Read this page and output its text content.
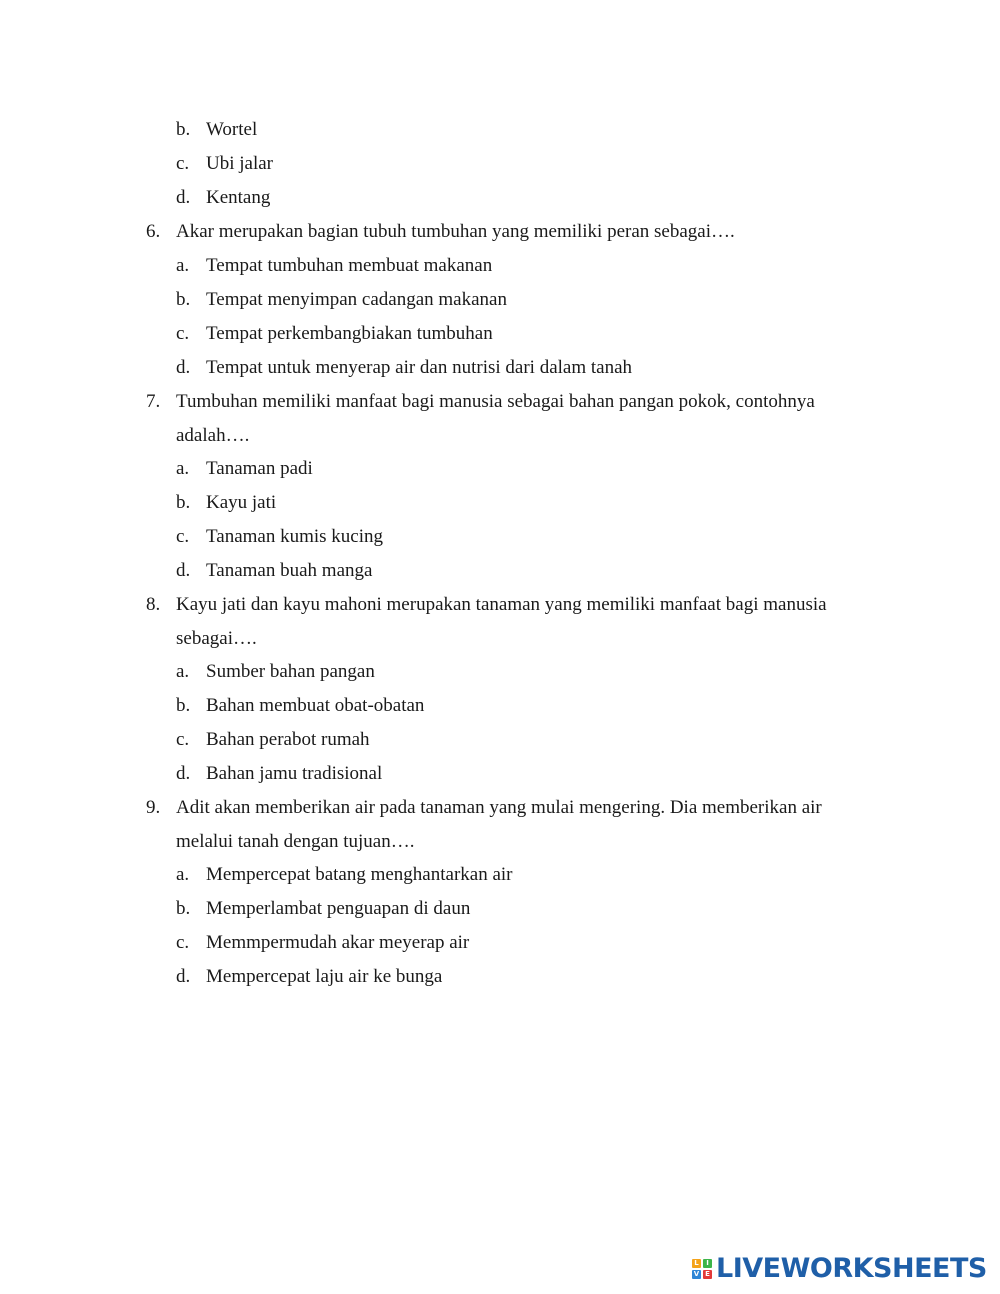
b. Wortel
c. Ubi jalar
d. Kentang
6. Akar merupakan bagian tubuh tumbuhan yang memiliki peran sebagai….
a. Tempat tumbuhan membuat makanan
b. Tempat menyimpan cadangan makanan
c. Tempat perkembangbiakan tumbuhan
d. Tempat untuk menyerap air dan nutrisi dari dalam tanah
7. Tumbuhan memiliki manfaat bagi manusia sebagai bahan pangan pokok, contohnya
adalah….
a. Tanaman padi
b. Kayu jati
c. Tanaman kumis kucing
d. Tanaman buah manga
8. Kayu jati dan kayu mahoni merupakan tanaman yang memiliki manfaat bagi manusia
sebagai….
a. Sumber bahan pangan
b. Bahan membuat obat-obatan
c. Bahan perabot rumah
d. Bahan jamu tradisional
9. Adit akan memberikan air pada tanaman yang mulai mengering. Dia memberikan air
melalui tanah dengan tujuan….
a. Mempercepat batang menghantarkan air
b. Memperlambat penguapan di daun
c. Memmpermudah akar meyerap air
d. Mempercepat laju air ke bunga
L	I
V E LIVEWORKSHEETS
